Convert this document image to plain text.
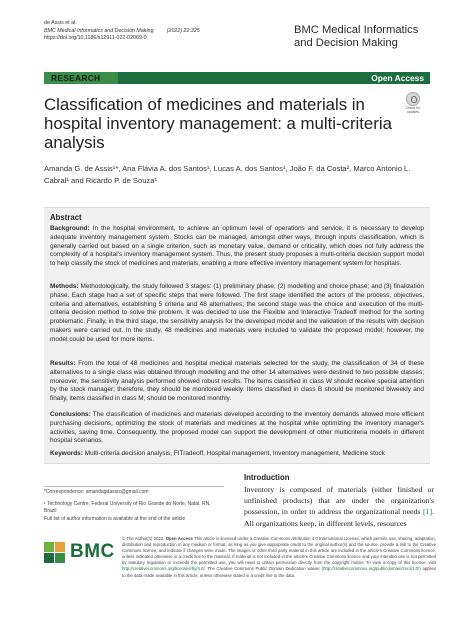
de Assis et al.
BMC Medical Informatics and Decision Making	(2022) 22:325
https://doi.org/10.1186/s12911-022-02069-0
BMC Medical Informatics and Decision Making
RESEARCH	Open Access
Check for
updates
Classification of medicines and materials in hospital inventory management: a multi-criteria analysis
Amanda G. de Assis¹*, Ana Flávia A. dos Santos¹, Lucas A. dos Santos¹, João F. da Costa², Marco Antonio L. Cabral¹ and Ricardo P. de Souza¹
Abstract

Background: In the hospital environment, to achieve an optimum level of operations and service, it is necessary to develop adequate inventory management system. Stocks can be managed, amongst other ways, through inputs classification, which is generally carried out based on a single criterion, such as monetary value, demand or criticality, which does not fully address the complexity of a hospital's inventory management system. Thus, the present study proposes a multi-criteria decision support model to help classify the stock of medicines and materials, enabling a more effective inventory management system for hospitals.

Methods: Methodologically, the study followed 3 stages: (1) preliminary phase; (2) modelling and choice phase; and (3) finalization phase. Each stage had a set of specific steps that were followed. The first stage identified the actors of the process, objectives, criteria and alternatives, establishing 5 criteria and 48 alternatives; the second stage was the choice and execution of the multi-criteria decision method to solve the problem. It was decided to use the Flexible and Interactive Tradeoff method for the sorting problematic. Finally, in the third stage, the sensitivity analysis for the developed model and the validation of the results with decision makers were carried out. In the study, 48 medicines and materials were included to validate the proposed model; however, the model could be used for more items.

Results: From the total of 48 medicines and hospital medical materials selected for the study, the classification of 34 of these alternatives to a single class was obtained through modelling and the other 14 alternatives were destined to two possible classes; moreover, the sensitivity analysis performed showed robust results. The items classified in class W should receive special attention by the stock manager; therefore, they should be monitored weekly. Items classified in class B should be monitored biweekly and finally, items classified in class M, should be monitored monthly.

Conclusions: The classification of medicines and materials developed according to the inventory demands allowed more efficient purchasing decisions, optimizing the stock of materials and medicines at the hospital while optimizing the inventory manager's activities, saving time. Consequently, the proposed model can support the development of other multicriteria models in different hospital scenarios.

Keywords: Multi-criteria decision analysis, FITradeoff, Hospital management, Inventory management, Medicine stock

*Correspondence: amandagdassis@gmail.com
¹ Technology Centre, Federal University of Rio Grande do Norte, Natal, RN, Brazil
Full list of author information is available at the end of the article
Introduction

Inventory is composed of materials (either finished or unfinished products) that are under the organization's possession, in order to address the organizational needs [1]. All organizations keep, in different levels, resources

BMC

© The Author(s) 2022. Open Access This article is licensed under a Creative Commons Attribution 4.0 International License, which permits use, sharing, adaptation, distribution and reproduction in any medium or format, as long as you give appropriate credit to the original author(s) and the source, provide a link to the Creative Commons licence, and indicate if changes were made. The images or other third party material in this article are included in the article's Creative Commons licence, unless indicated otherwise in a credit line to the material. If material is not included in the article's Creative Commons licence and your intended use is not permitted by statutory regulation or exceeds the permitted use, you will need to obtain permission directly from the copyright holder. To view a copy of this licence, visit http://creativecommons.org/licenses/by/4.0/. The Creative Commons Public Domain Dedication waiver (http://creativecommons.org/publicdomain/zero/1.0/) applies to the data made available in this article, unless otherwise stated in a credit line to the data.
